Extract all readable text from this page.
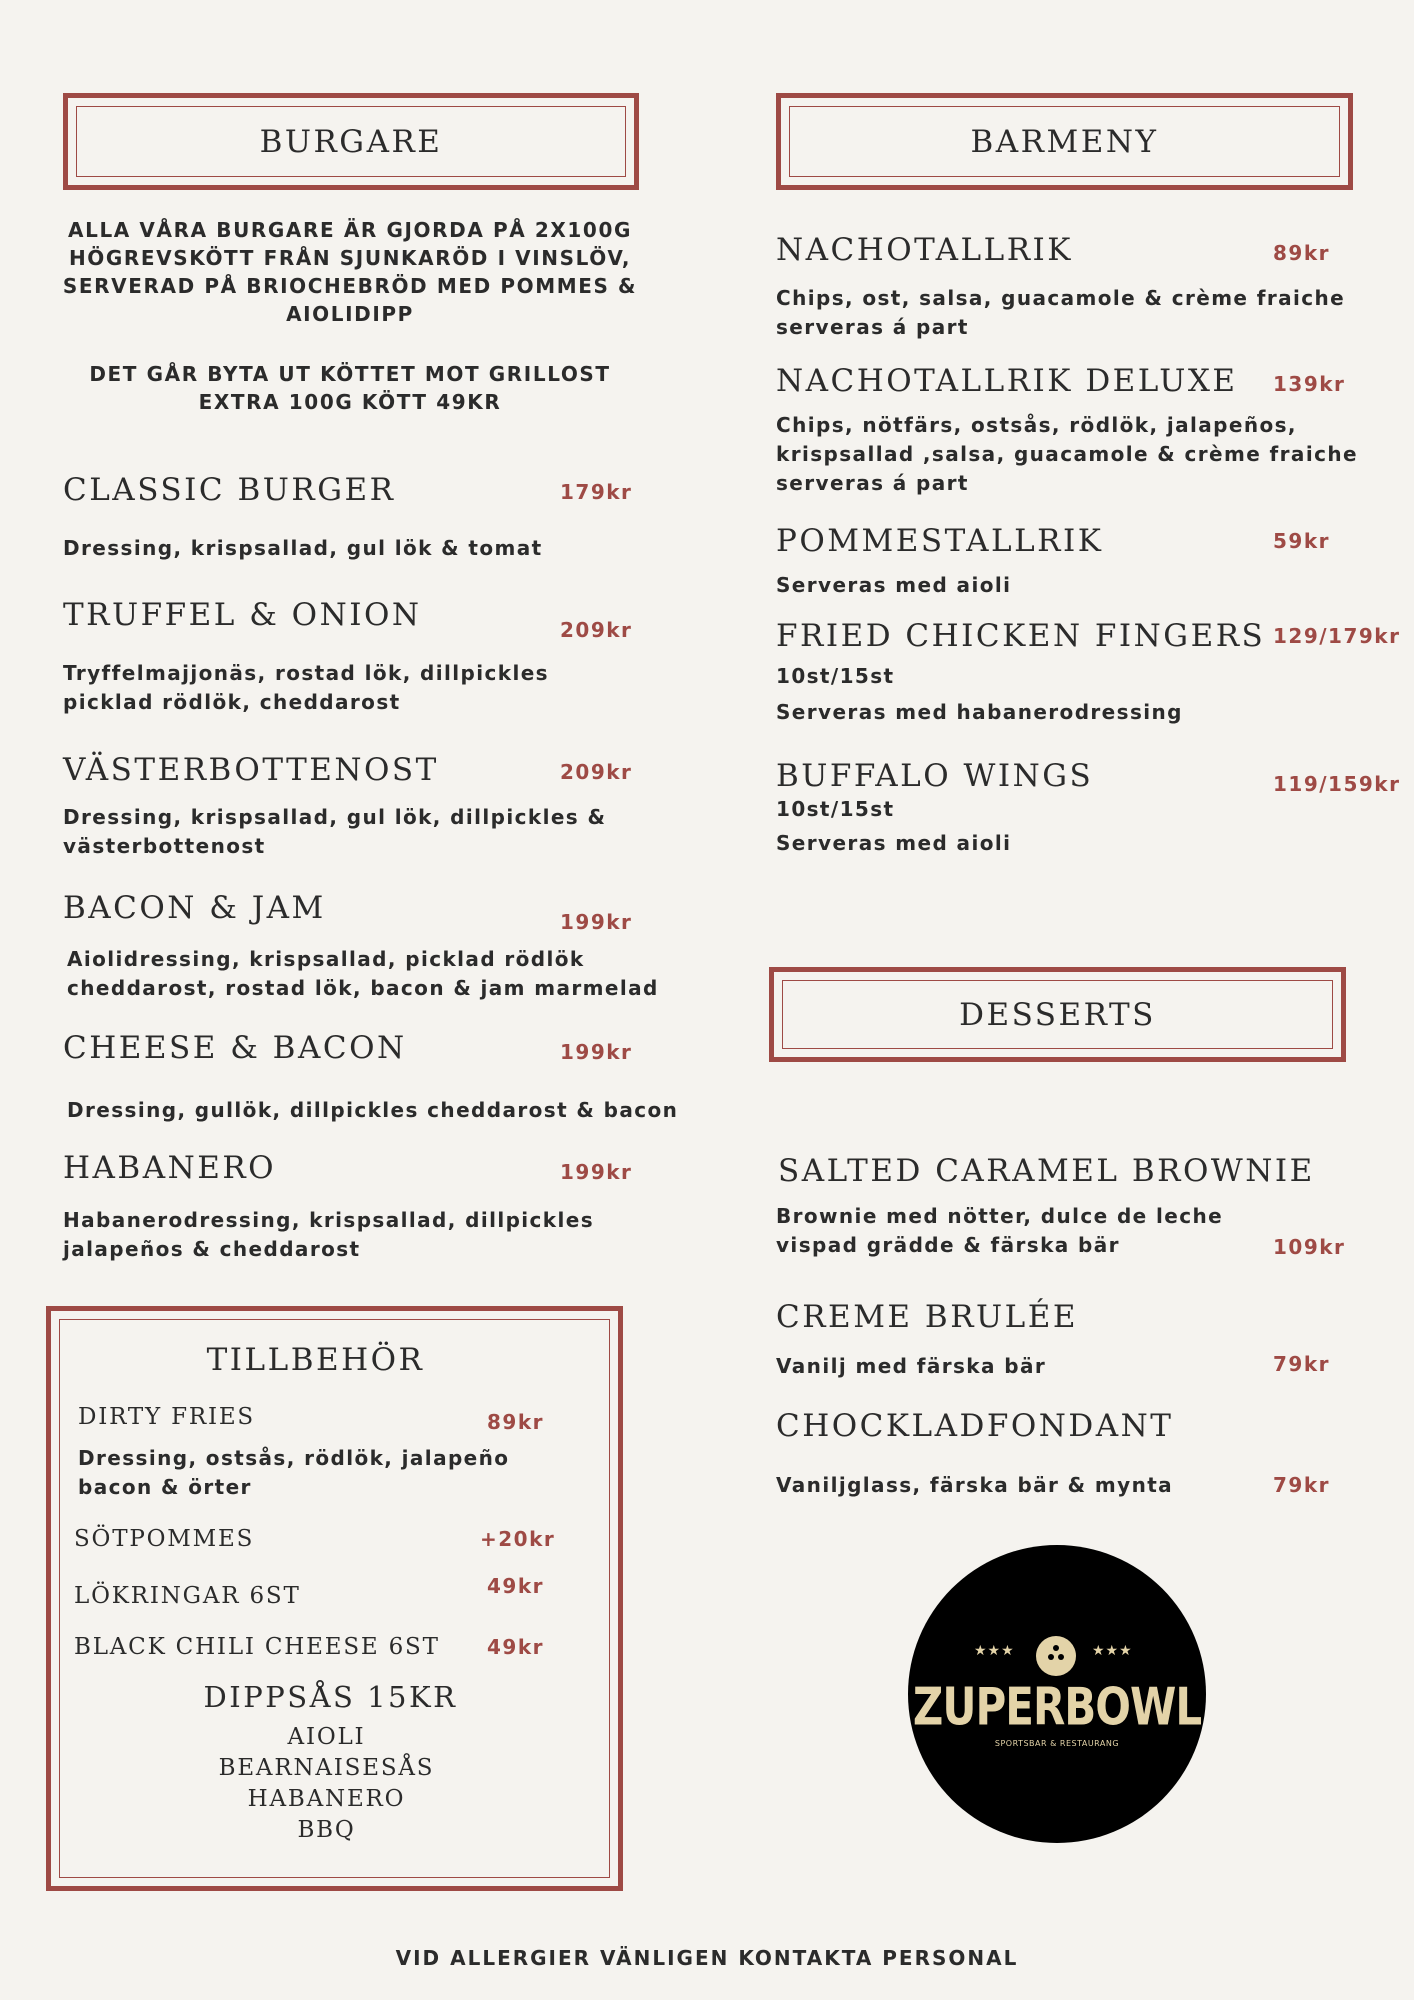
BURGARE
ALLA VÅRA BURGARE ÄR GJORDA PÅ 2X100G HÖGREVSKÖTT FRÅN SJUNKARÖD I VINSLÖV, SERVERAD PÅ BRIOCHEBRÖD MED POMMES & AIOLIDIPP
DET GÅR BYTA UT KÖTTET MOT GRILLOST EXTRA 100G KÖTT 49KR
CLASSIC BURGER	179kr
Dressing, krispsallad, gul lök & tomat
TRUFFEL & ONION	209kr
Tryffelmajjonäs, rostad lök, dillpickles
picklad rödlök, cheddarost
VÄSTERBOTTENOST	209kr
Dressing, krispsallad, gul lök, dillpickles &
västerbottenost
BACON & JAM	199kr
Aiolidressing, krispsallad, picklad rödlök
cheddarost, rostad lök, bacon & jam marmelad
CHEESE & BACON	199kr
Dressing, gullök, dillpickles cheddarost & bacon
HABANERO	199kr
Habanerodressing, krispsallad, dillpickles
jalapeños & cheddarost
TILLBEHÖR
DIRTY FRIES	89kr
Dressing, ostsås, rödlök, jalapeño
bacon & örter
SÖTPOMMES	+20kr
LÖKRINGAR 6ST	49kr
BLACK CHILI CHEESE 6ST 49kr
DIPPSÅS 15KR
AIOLI
BEARNAISESÅS
HABANERO
BBQ
BARMENY
NACHOTALLRIK	89kr
Chips, ost, salsa, guacamole & crème fraiche
serveras á part
NACHOTALLRIK DELUXE 139kr
Chips, nötfärs, ostsås, rödlök, jalapeños,
krispsallad ,salsa, guacamole & crème fraiche
serveras á part
POMMESTALLRIK	59kr
Serveras med aioli
FRIED CHICKEN FINGERS 129/179kr
10st/15st
Serveras med habanerodressing
BUFFALO WINGS	119/159kr
10st/15st
Serveras med aioli
DESSERTS
SALTED CARAMEL BROWNIE
Brownie med nötter, dulce de leche
vispad grädde & färska bär	109kr
CREME BRULÉE
Vanilj med färska bär	79kr
CHOCKLADFONDANT
Vaniljglass, färska bär & mynta	79kr
★★★	★★★
ZUPERBOWL
SPORTSBAR & RESTAURANG
VID ALLERGIER VÄNLIGEN KONTAKTA PERSONAL
